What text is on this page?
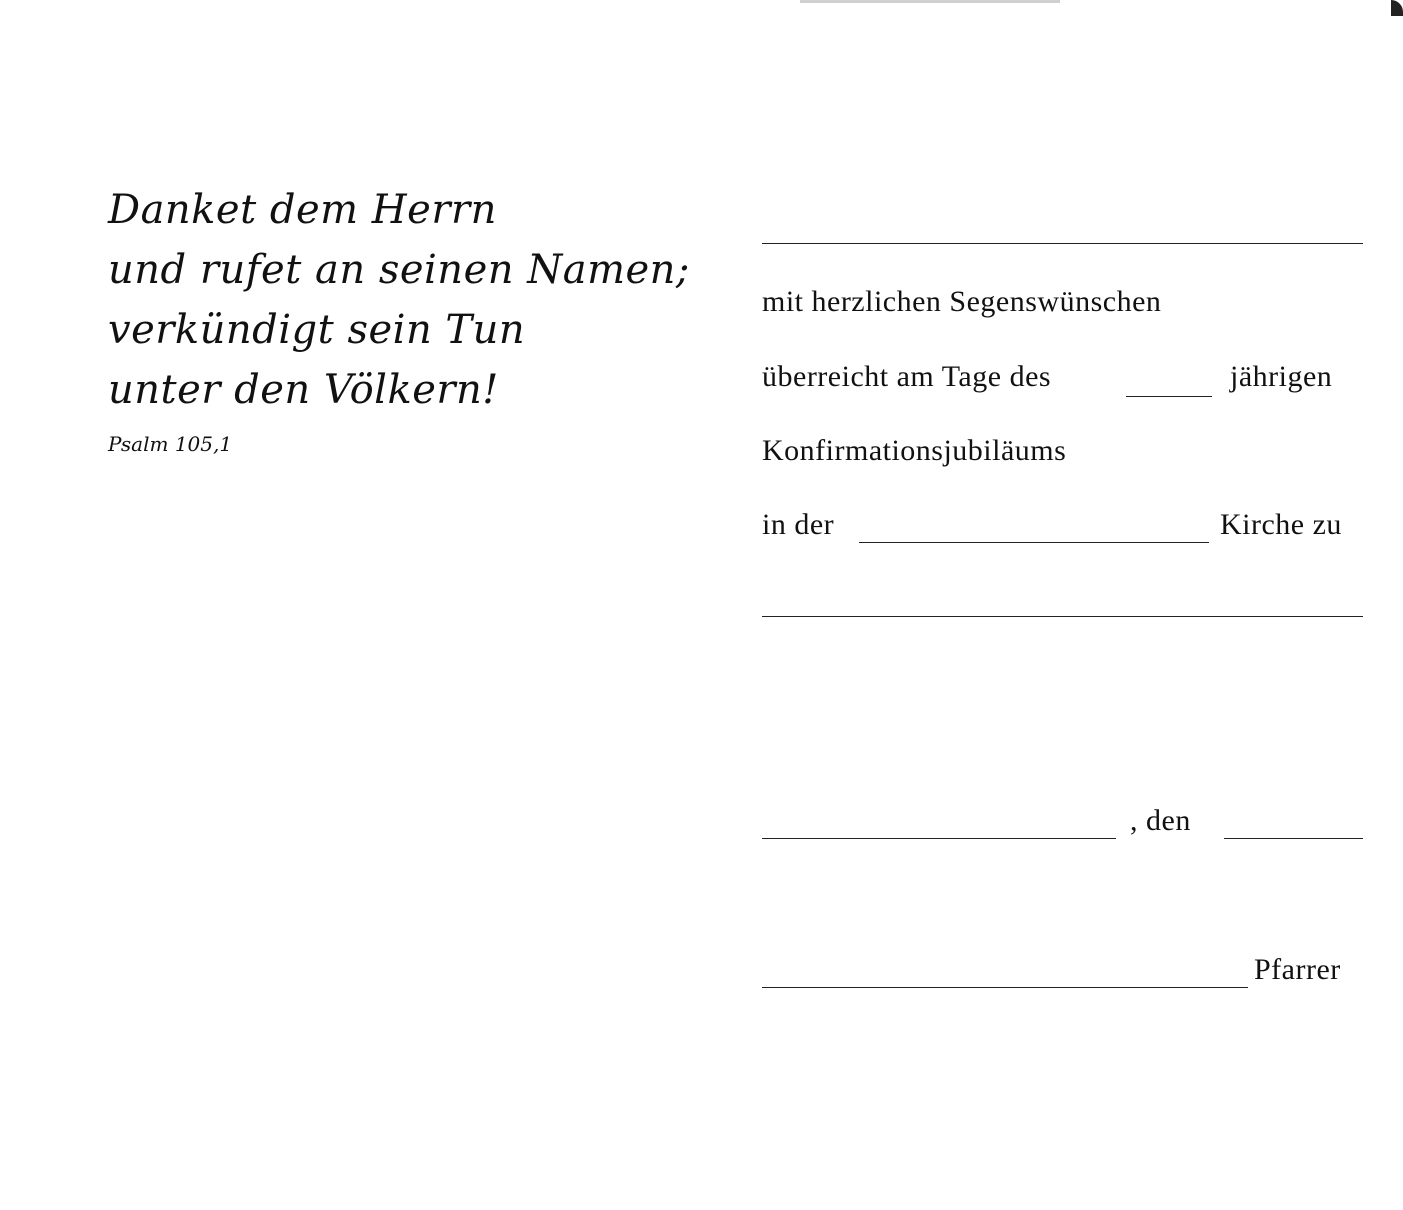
Danket dem Herrn
und rufet an seinen Namen;
verkündigt sein Tun
unter den Völkern!
Psalm 105,1
mit herzlichen Segenswünschen
überreicht am Tage des	jährigen
Konfirmationsjubiläums
in der	Kirche zu
, den
Pfarrer
